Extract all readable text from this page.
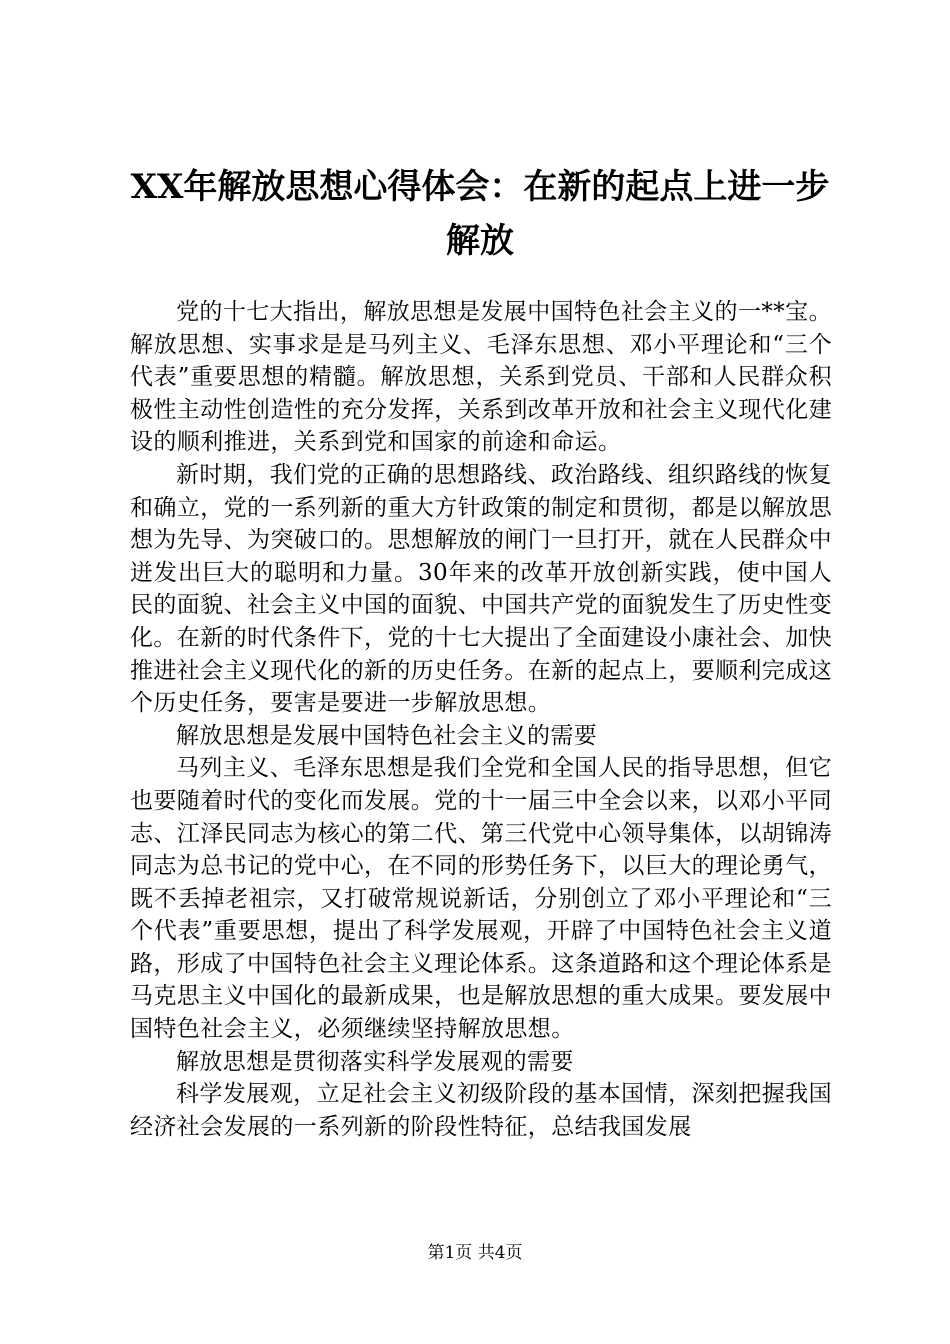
XX年解放思想心得体会：在新的起点上进一步解放

党的十七大指出，解放思想是发展中国特色社会主义的一**宝。解放思想、实事求是是马列主义、毛泽东思想、邓小平理论和“三个代表”重要思想的精髓。解放思想，关系到党员、干部和人民群众积极性主动性创造性的充分发挥，关系到改革开放和社会主义现代化建设的顺利推进，关系到党和国家的前途和命运。

新时期，我们党的正确的思想路线、政治路线、组织路线的恢复和确立，党的一系列新的重大方针政策的制定和贯彻，都是以解放思想为先导、为突破口的。思想解放的闸门一旦打开，就在人民群众中迸发出巨大的聪明和力量。30年来的改革开放创新实践，使中国人民的面貌、社会主义中国的面貌、中国共产党的面貌发生了历史性变化。在新的时代条件下，党的十七大提出了全面建设小康社会、加快推进社会主义现代化的新的历史任务。在新的起点上，要顺利完成这个历史任务，要害是要进一步解放思想。

解放思想是发展中国特色社会主义的需要

马列主义、毛泽东思想是我们全党和全国人民的指导思想，但它也要随着时代的变化而发展。党的十一届三中全会以来，以邓小平同志、江泽民同志为核心的第二代、第三代党中心领导集体，以胡锦涛同志为总书记的党中心，在不同的形势任务下，以巨大的理论勇气，既不丢掉老祖宗，又打破常规说新话，分别创立了邓小平理论和“三个代表”重要思想，提出了科学发展观，开辟了中国特色社会主义道路，形成了中国特色社会主义理论体系。这条道路和这个理论体系是马克思主义中国化的最新成果，也是解放思想的重大成果。要发展中国特色社会主义，必须继续坚持解放思想。

解放思想是贯彻落实科学发展观的需要

科学发展观，立足社会主义初级阶段的基本国情，深刻把握我国经济社会发展的一系列新的阶段性特征，总结我国发展

第1页 共4页
